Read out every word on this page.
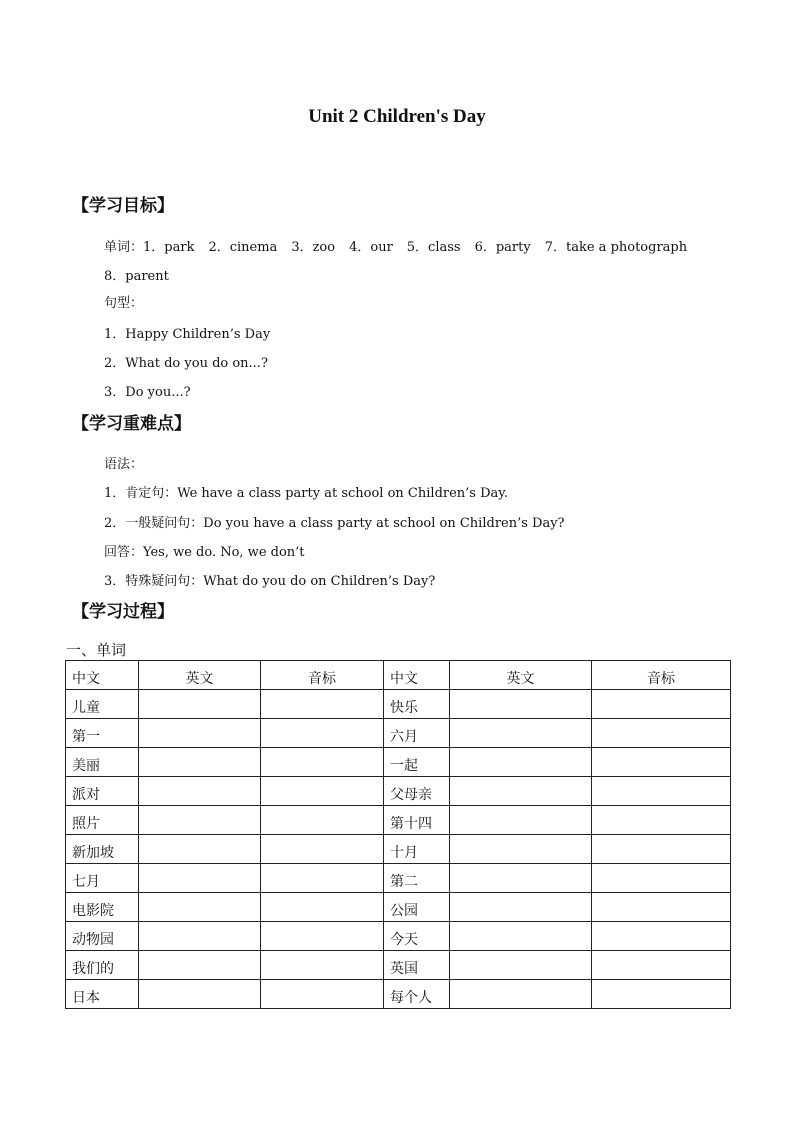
Unit 2 Children's Day
【学习目标】
单词：1．park 2．cinema 3．zoo 4．our 5．class 6．party 7．take a photograph
8．parent
句型：
1．Happy Children’s Day
2．What do you do on...?
3．Do you...?
【学习重难点】
语法：
1．肯定句：We have a class party at school on Children’s Day.
2．一般疑问句：Do you have a class party at school on Children’s Day?
回答：Yes, we do. No, we don’t
3．特殊疑问句：What do you do on Children’s Day?
【学习过程】
一、单词
中文	英文	音标	中文	英文	音标
儿童			快乐		
第一			六月		
美丽			一起		
派对			父母亲		
照片			第十四		
新加坡			十月		
七月			第二		
电影院			公园		
动物园			今天		
我们的			英国		
日本			每个人		
